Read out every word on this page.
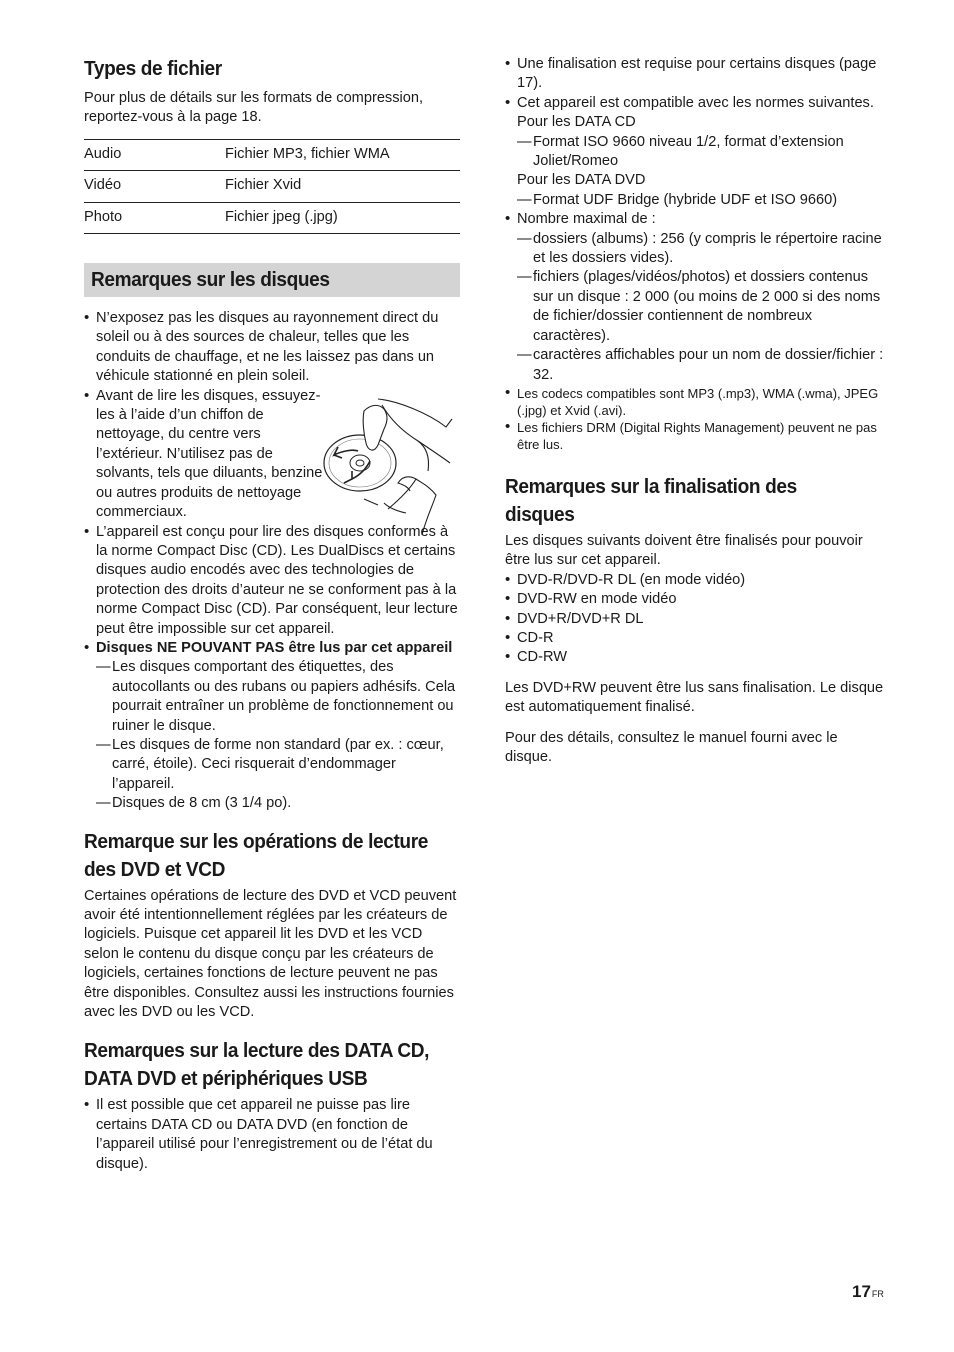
Types de fichier

Pour plus de détails sur les formats de compression, reportez-vous à la page 18.

Audio	Fichier MP3, fichier WMA
Vidéo	Fichier Xvid
Photo	Fichier jpeg (.jpg)
Remarques sur les disques
• N’exposez pas les disques au rayonnement direct du soleil ou à des sources de chaleur, telles que les conduits de chauffage, et ne les laissez pas dans un véhicule stationné en plein soleil.
• Avant de lire les disques, essuyez-les à l’aide d’un chiffon de nettoyage, du centre vers l’extérieur. N’utilisez pas de solvants, tels que diluants, benzine ou autres produits de nettoyage commerciaux.
• L’appareil est conçu pour lire des disques conformes à la norme Compact Disc (CD). Les DualDiscs et certains disques audio encodés avec des technologies de protection des droits d’auteur ne se conforment pas à la norme Compact Disc (CD). Par conséquent, leur lecture peut être impossible sur cet appareil.
• Disques NE POUVANT PAS être lus par cet appareil
— Les disques comportant des étiquettes, des autocollants ou des rubans ou papiers adhésifs. Cela pourrait entraîner un problème de fonctionnement ou ruiner le disque.
— Les disques de forme non standard (par ex. : cœur, carré, étoile). Ceci risquerait d’endommager l’appareil.
— Disques de 8 cm (3 1/4 po).
Remarque sur les opérations de lecture des DVD et VCD

Certaines opérations de lecture des DVD et VCD peuvent avoir été intentionnellement réglées par les créateurs de logiciels. Puisque cet appareil lit les DVD et les VCD selon le contenu du disque conçu par les créateurs de logiciels, certaines fonctions de lecture peuvent ne pas être disponibles. Consultez aussi les instructions fournies avec les DVD ou les VCD.

Remarques sur la lecture des DATA CD, DATA DVD et périphériques USB
• Il est possible que cet appareil ne puisse pas lire certains DATA CD ou DATA DVD (en fonction de l’appareil utilisé pour l’enregistrement ou de l’état du disque).
• Une finalisation est requise pour certains disques (page 17).
• Cet appareil est compatible avec les normes suivantes.
Pour les DATA CD
— Format ISO 9660 niveau 1/2, format d’extension Joliet/Romeo
Pour les DATA DVD
— Format UDF Bridge (hybride UDF et ISO 9660)
• Nombre maximal de :
— dossiers (albums) : 256 (y compris le répertoire racine et les dossiers vides).
— fichiers (plages/vidéos/photos) et dossiers contenus sur un disque : 2 000 (ou moins de 2 000 si des noms de fichier/dossier contiennent de nombreux caractères).
— caractères affichables pour un nom de dossier/fichier : 32.
• Les codecs compatibles sont MP3 (.mp3), WMA (.wma), JPEG (.jpg) et Xvid (.avi).
• Les fichiers DRM (Digital Rights Management) peuvent ne pas être lus.
Remarques sur la finalisation des disques

Les disques suivants doivent être finalisés pour pouvoir être lus sur cet appareil.

• DVD-R/DVD-R DL (en mode vidéo)
• DVD-RW en mode vidéo
• DVD+R/DVD+R DL
• CD-R
• CD-RW

Les DVD+RW peuvent être lus sans finalisation. Le disque est automatiquement finalisé.

Pour des détails, consultez le manuel fourni avec le disque.

17FR
